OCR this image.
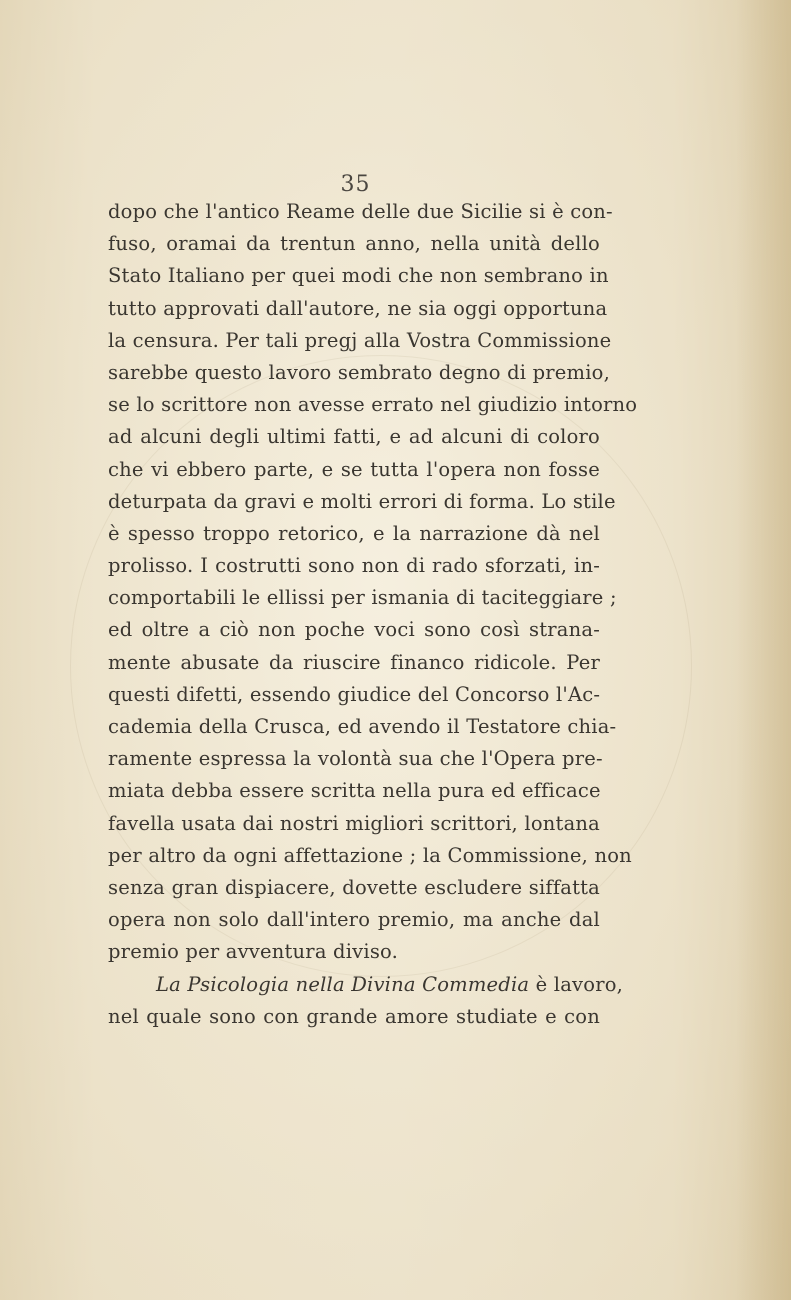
35
dopo che l'antico Reame delle due Sicilie si è con-
fuso, oramai da trentun anno, nella unità dello
Stato Italiano per quei modi che non sembrano in
tutto approvati dall'autore, ne sia oggi opportuna
la censura. Per tali pregj alla Vostra Commissione
sarebbe questo lavoro sembrato degno di premio,
se lo scrittore non avesse errato nel giudizio intorno
ad alcuni degli ultimi fatti, e ad alcuni di coloro
che vi ebbero parte, e se tutta l'opera non fosse
deturpata da gravi e molti errori di forma. Lo stile
è spesso troppo retorico, e la narrazione dà nel
prolisso. I costrutti sono non di rado sforzati, in-
comportabili le ellissi per ismania di taciteggiare ;
ed oltre a ciò non poche voci sono così strana-
mente abusate da riuscire financo ridicole. Per
questi difetti, essendo giudice del Concorso l'Ac-
cademia della Crusca, ed avendo il Testatore chia-
ramente espressa la volontà sua che l'Opera pre-
miata debba essere scritta nella pura ed efficace
favella usata dai nostri migliori scrittori, lontana
per altro da ogni affettazione ; la Commissione, non
senza gran dispiacere, dovette escludere siffatta
opera non solo dall'intero premio, ma anche dal
premio per avventura diviso.
La Psicologia nella Divina Commedia è lavoro,
nel quale sono con grande amore studiate e con
